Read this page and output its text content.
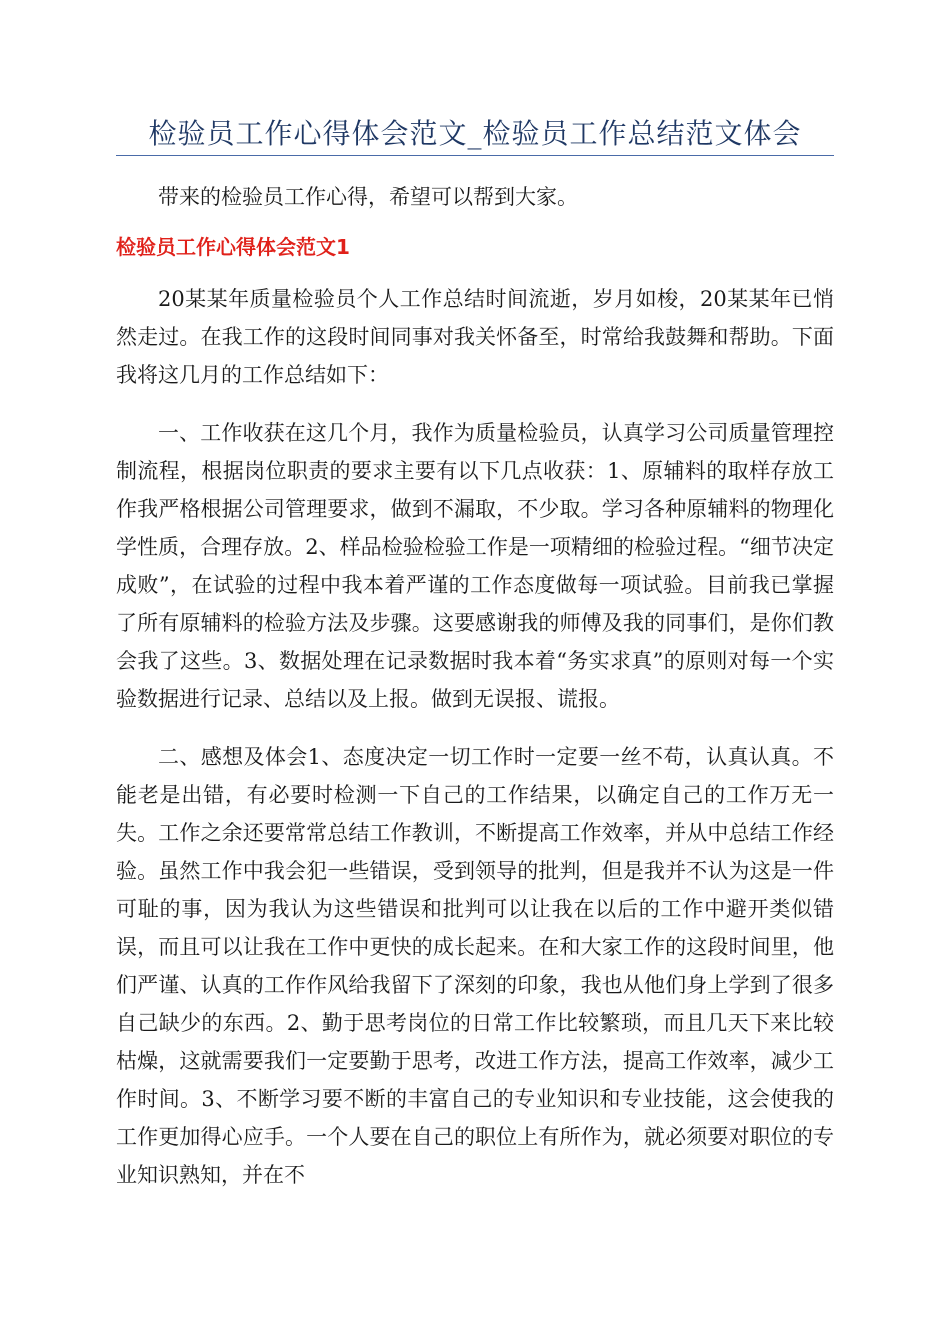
检验员工作心得体会范文_检验员工作总结范文体会

带来的检验员工作心得，希望可以帮到大家。

检验员工作心得体会范文1

20某某年质量检验员个人工作总结时间流逝，岁月如梭，20某某年已悄然走过。在我工作的这段时间同事对我关怀备至，时常给我鼓舞和帮助。下面我将这几月的工作总结如下：

一、工作收获在这几个月，我作为质量检验员，认真学习公司质量管理控制流程，根据岗位职责的要求主要有以下几点收获：1、原辅料的取样存放工作我严格根据公司管理要求，做到不漏取，不少取。学习各种原辅料的物理化学性质，合理存放。2、样品检验检验工作是一项精细的检验过程。“细节决定成败”，在试验的过程中我本着严谨的工作态度做每一项试验。目前我已掌握了所有原辅料的检验方法及步骤。这要感谢我的师傅及我的同事们，是你们教会我了这些。3、数据处理在记录数据时我本着“务实求真”的原则对每一个实验数据进行记录、总结以及上报。做到无误报、谎报。

二、感想及体会1、态度决定一切工作时一定要一丝不苟，认真认真。不能老是出错，有必要时检测一下自己的工作结果，以确定自己的工作万无一失。工作之余还要常常总结工作教训，不断提高工作效率，并从中总结工作经验。虽然工作中我会犯一些错误，受到领导的批判，但是我并不认为这是一件可耻的事，因为我认为这些错误和批判可以让我在以后的工作中避开类似错误，而且可以让我在工作中更快的成长起来。在和大家工作的这段时间里，他们严谨、认真的工作作风给我留下了深刻的印象，我也从他们身上学到了很多自己缺少的东西。2、勤于思考岗位的日常工作比较繁琐，而且几天下来比较枯燥，这就需要我们一定要勤于思考，改进工作方法，提高工作效率，减少工作时间。3、不断学习要不断的丰富自己的专业知识和专业技能，这会使我的工作更加得心应手。一个人要在自己的职位上有所作为，就必须要对职位的专业知识熟知，并在不
